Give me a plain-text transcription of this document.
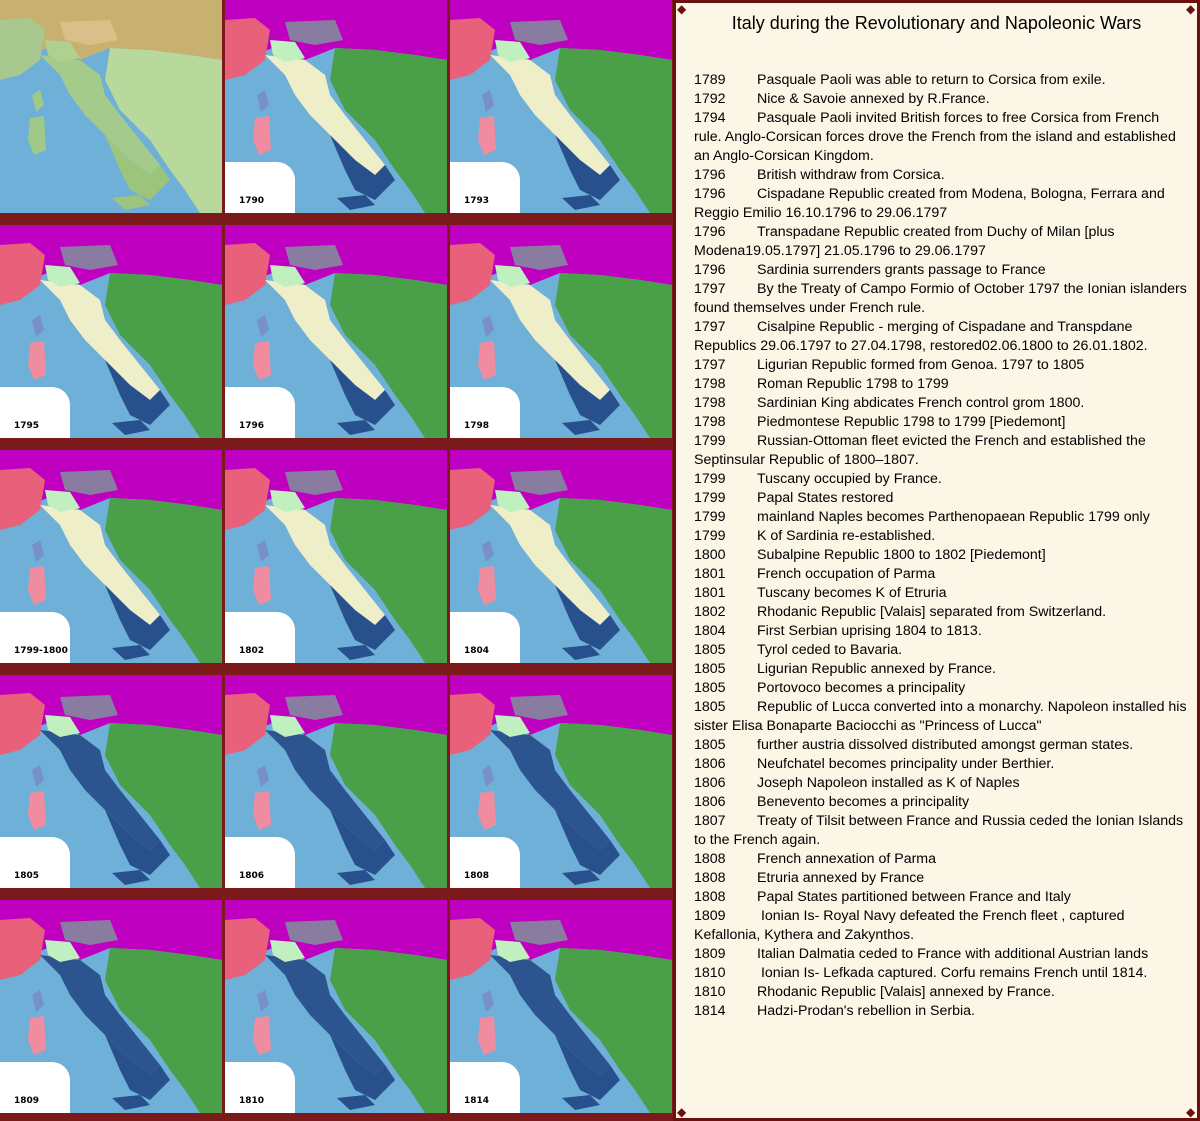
1790	1793
1795	1796	1798
1799-1800	1802	1804
1805	1806	1808
1809	1810	1814
◆	◆
◆	◆
Italy during the Revolutionary and Napoleonic Wars
1789 Pasquale Paoli was able to return to Corsica from exile.
1792 Nice & Savoie annexed by R.France.
1794 Pasquale Paoli invited British forces to free Corsica from French rule. Anglo-Corsican forces drove the French from the island and established an Anglo-Corsican Kingdom.
1796 British withdraw from Corsica.
1796 Cispadane Republic created from Modena, Bologna, Ferrara and Reggio Emilio 16.10.1796 to 29.06.1797
1796 Transpadane Republic created from Duchy of Milan [plus Modena19.05.1797] 21.05.1796 to 29.06.1797
1796 Sardinia surrenders grants passage to France
1797 By the Treaty of Campo Formio of October 1797 the Ionian islanders found themselves under French rule.
1797 Cisalpine Republic - merging of Cispadane and Transpdane Republics 29.06.1797 to 27.04.1798, restored02.06.1800 to 26.01.1802.
1797 Ligurian Republic formed from Genoa. 1797 to 1805
1798 Roman Republic 1798 to 1799
1798 Sardinian King abdicates French control grom 1800.
1798 Piedmontese Republic 1798 to 1799 [Piedemont]
1799 Russian-Ottoman fleet evicted the French and established the Septinsular Republic of 1800–1807.
1799 Tuscany occupied by France.
1799 Papal States restored
1799 mainland Naples becomes Parthenopaean Republic 1799 only
1799 K of Sardinia re-established.
1800 Subalpine Republic 1800 to 1802 [Piedemont]
1801 French occupation of Parma
1801 Tuscany becomes K of Etruria
1802 Rhodanic Republic [Valais] separated from Switzerland.
1804 First Serbian uprising 1804 to 1813.
1805 Tyrol ceded to Bavaria.
1805 Ligurian Republic annexed by France.
1805 Portovoco becomes a principality
1805 Republic of Lucca converted into a monarchy. Napoleon installed his sister Elisa Bonaparte Baciocchi as "Princess of Lucca"
1805 further austria dissolved distributed amongst german states.
1806 Neufchatel becomes principality under Berthier.
1806 Joseph Napoleon installed as K of Naples
1806 Benevento becomes a principality
1807 Treaty of Tilsit between France and Russia ceded the Ionian Islands to the French again.
1808 French annexation of Parma
1808 Etruria annexed by France
1808 Papal States partitioned between France and Italy
1809 Ionian Is- Royal Navy defeated the French fleet , captured Kefallonia, Kythera and Zakynthos.
1809 Italian Dalmatia ceded to France with additional Austrian lands
1810 Ionian Is- Lefkada captured. Corfu remains French until 1814.
1810 Rhodanic Republic [Valais] annexed by France.
1814 Hadzi-Prodan's rebellion in Serbia.
